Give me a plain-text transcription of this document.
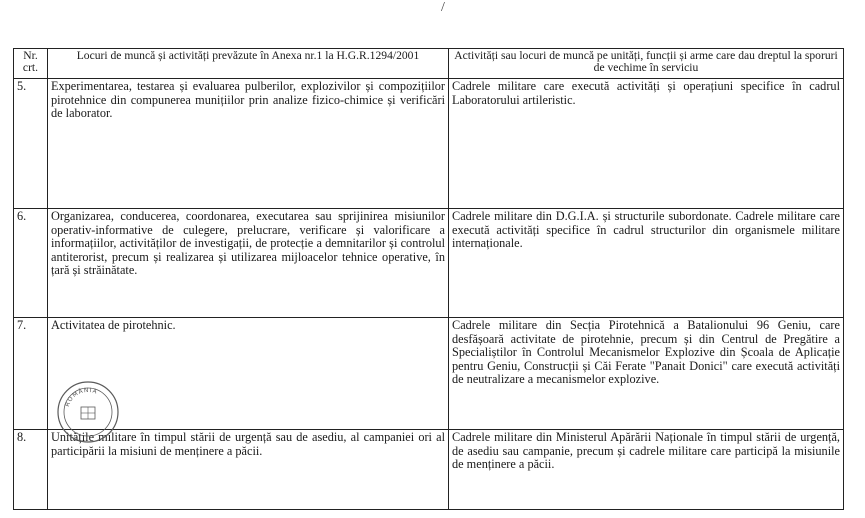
/
Nr. crt.	Locuri de muncă și activități prevăzute în Anexa nr.1 la H.G.R.1294/2001	Activități sau locuri de muncă pe unități, funcții și arme care dau dreptul la sporuri de vechime în serviciu
5.	Experimentarea, testarea și evaluarea pulberilor, explozivilor și compozițiilor pirotehnice din compunerea munițiilor prin analize fizico-chimice și verificări de laborator.	Cadrele militare care execută activități și operațiuni specifice în cadrul Laboratorului artileristic.
6.	Organizarea, conducerea, coordonarea, executarea sau sprijinirea misiunilor operativ-informative de culegere, prelucrare, verificare și valorificare a informațiilor, activităților de investigații, de protecție a demnitarilor și controlul antiterorist, precum și realizarea și utilizarea mijloacelor tehnice operative, în țară și străinătate.	Cadrele militare din D.G.I.A. și structurile subordonate. Cadrele militare care execută activități specifice în cadrul structurilor din organismele militare internaționale.
7.	Activitatea de pirotehnic.	Cadrele militare din Secția Pirotehnică a Batalionului 96 Geniu, care desfășoară activitate de pirotehnie, precum și din Centrul de Pregătire a Specialiștilor în Controlul Mecanismelor Explozive din Școala de Aplicație pentru Geniu, Construcții și Căi Ferate "Panait Donici" care execută activități de neutralizare a mecanismelor explozive.
8.	Unitățile militare în timpul stării de urgență sau de asediu, al campaniei ori al participării la misiuni de menținere a păcii.	Cadrele militare din Ministerul Apărării Naționale în timpul stării de urgență, de asediu sau campanie, precum și cadrele militare care participă la misiunile de menținere a păcii.
ROMÂNIA
